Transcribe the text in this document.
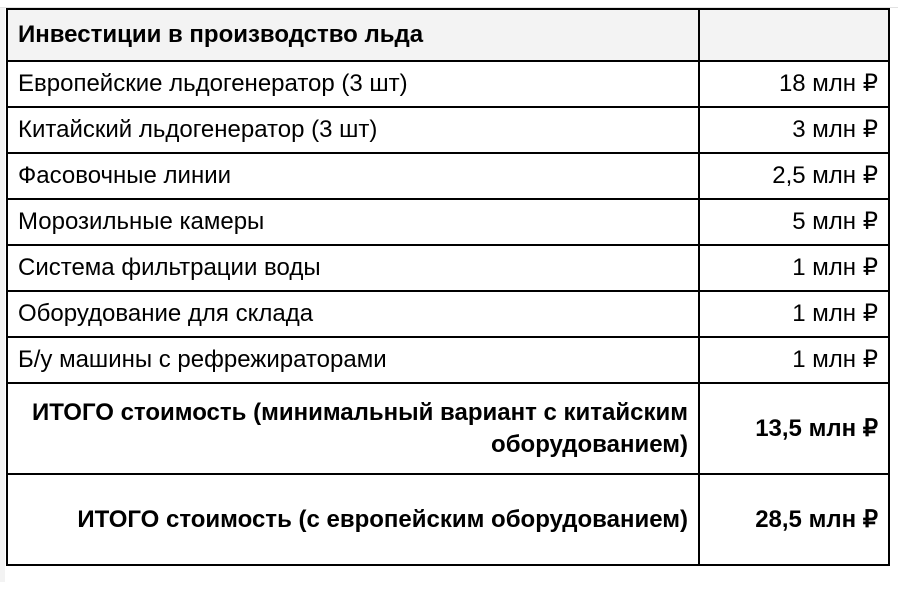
Инвестиции в производство льда	
Европейские льдогенератор (3 шт)	18 млн ₽
Китайский льдогенератор (3 шт)	3 млн ₽
Фасовочные линии	2,5 млн ₽
Морозильные камеры	5 млн ₽
Система фильтрации воды	1 млн ₽
Оборудование для склада	1 млн ₽
Б/у машины с рефрежираторами	1 млн ₽
ИТОГО стоимость (минимальный вариант с китайским оборудованием)	13,5 млн ₽
ИТОГО стоимость (с европейским оборудованием)	28,5 млн ₽
